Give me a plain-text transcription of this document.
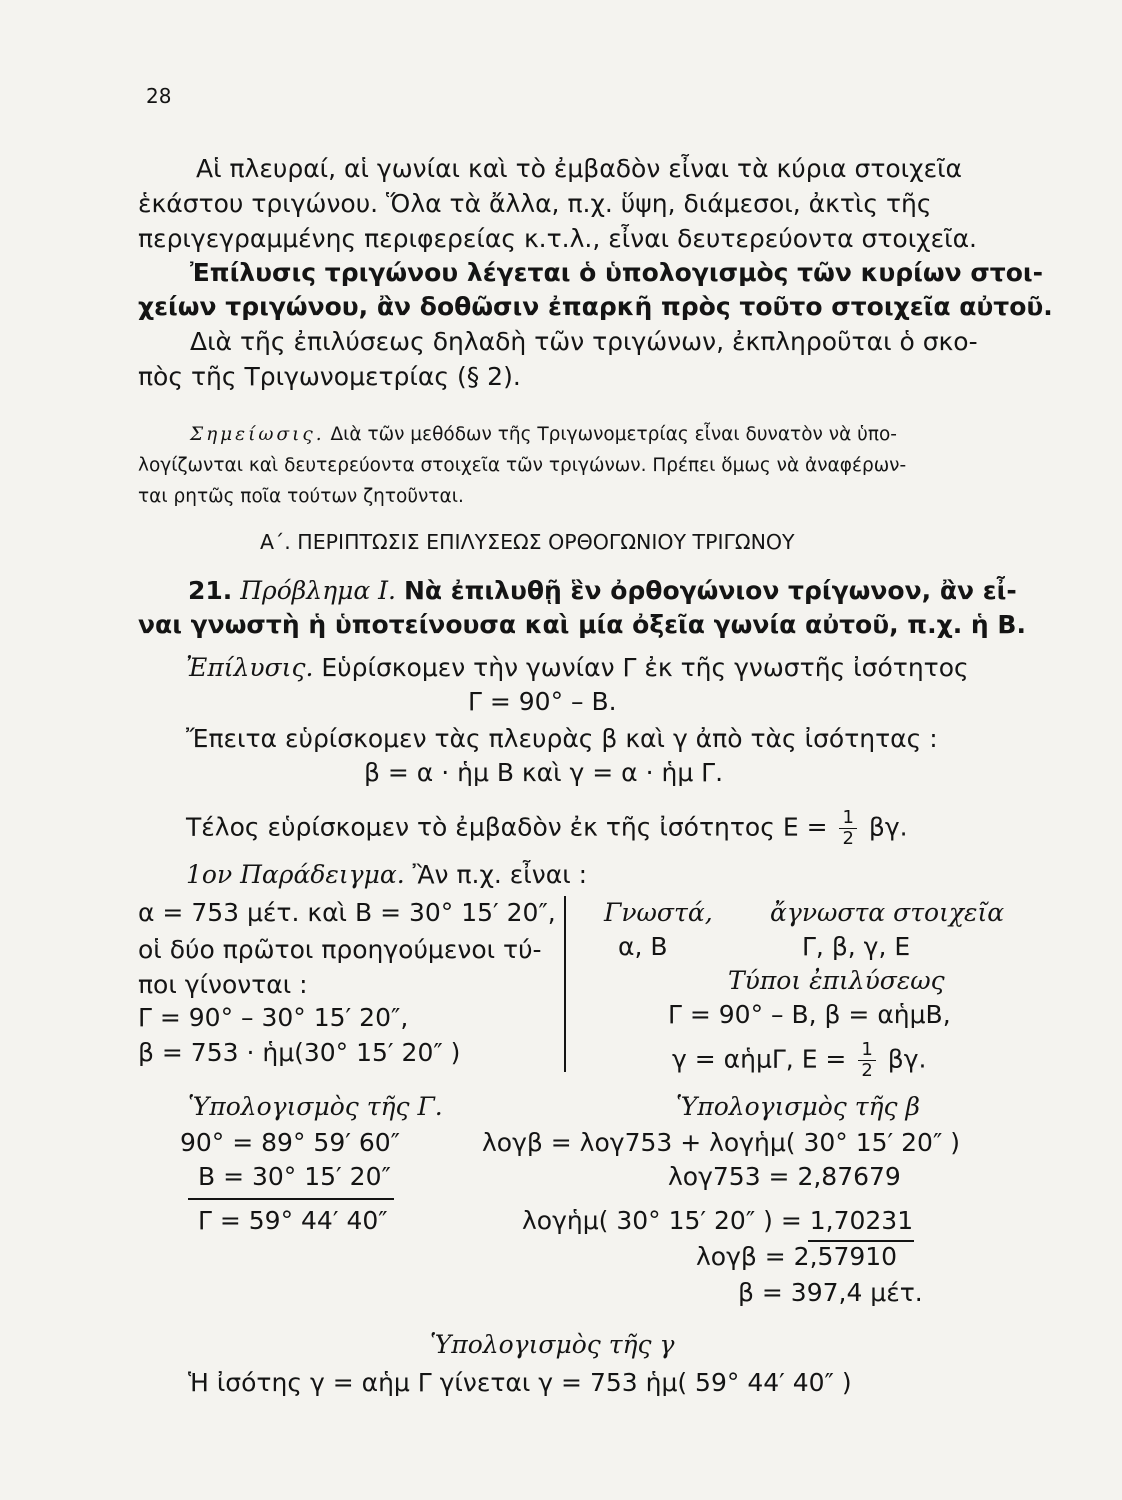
28
Αἱ πλευραί, αἱ γωνίαι καὶ τὸ ἐμβαδὸν εἶναι τὰ κύρια στοιχεῖα
ἑκάστου τριγώνου. Ὅλα τὰ ἄλλα, π.χ. ὕψη, διάμεσοι, ἀκτὶς τῆς
περιγεγραμμένης περιφερείας κ.τ.λ., εἶναι δευτερεύοντα στοιχεῖα.
Ἐπίλυσις τριγώνου λέγεται ὁ ὑπολογισμὸς τῶν κυρίων στοι-
χείων τριγώνου, ἂν δοθῶσιν ἐπαρκῆ πρὸς τοῦτο στοιχεῖα αὐτοῦ.
Διὰ τῆς ἐπιλύσεως δηλαδὴ τῶν τριγώνων, ἐκπληροῦται ὁ σκο-
πὸς τῆς Τριγωνομετρίας (§ 2).
Σημείωσις. Διὰ τῶν μεθόδων τῆς Τριγωνομετρίας εἶναι δυνατὸν νὰ ὑπο-
λογίζωνται καὶ δευτερεύοντα στοιχεῖα τῶν τριγώνων. Πρέπει ὅμως νὰ ἀναφέρων-
ται ρητῶς ποῖα τούτων ζητοῦνται.
Α΄. ΠΕΡΙΠΤΩΣΙΣ ΕΠΙΛΥΣΕΩΣ ΟΡΘΟΓΩΝΙΟΥ ΤΡΙΓΩΝΟΥ
21. Πρόβλημα Ι. Νὰ ἐπιλυθῇ ἓν ὀρθογώνιον τρίγωνον, ἂν εἶ-
ναι γνωστὴ ἡ ὑποτείνουσα καὶ μία ὀξεῖα γωνία αὐτοῦ, π.χ. ἡ Β.
Ἐπίλυσις. Εὑρίσκομεν τὴν γωνίαν Γ ἐκ τῆς γνωστῆς ἰσότητος
Γ = 90° – Β.
Ἔπειτα εὑρίσκομεν τὰς πλευρὰς β καὶ γ ἀπὸ τὰς ἰσότητας :
β = α · ἡμ Β καὶ γ = α · ἡμ Γ.
Τέλος εὑρίσκομεν τὸ ἐμβαδὸν ἐκ τῆς ἰσότητος $E = \frac{1}{2} \beta\gamma$.
1ον Παράδειγμα. Ἂν π.χ. εἶναι :
α = 753 μέτ. καὶ Β = 30° 15′ 20″,
οἱ δύο πρῶτοι προηγούμενοι τύ-
ποι γίνονται :
Γ = 90° – 30° 15′ 20″,
β = 753 · ἡμ(30° 15′ 20″ )
Γνωστά, ἄγνωστα στοιχεῖα
α, Β	Γ, β, γ, Ε
Τύποι ἐπιλύσεως
Γ = 90° – Β, β = αἡμΒ,
γ = αἡμΓ, $E = \frac{1}{2} \beta\gamma$.
Ὑπολογισμὸς τῆς Γ.
90° = 89° 59′ 60″
Β = 30° 15′ 20″
Γ = 59° 44′ 40″
Ὑπολογισμὸς τῆς β
λογβ = λογ753 + λογἡμ( 30° 15′ 20″ )
λογ753 = 2,87679
λογἡμ( 30° 15′ 20″ ) = 1,70231
λογβ = 2,57910
β = 397,4 μέτ.
Ὑπολογισμὸς τῆς γ
Ἡ ἰσότης γ = αἡμ Γ γίνεται γ = 753 ἡμ( 59° 44′ 40″ )
